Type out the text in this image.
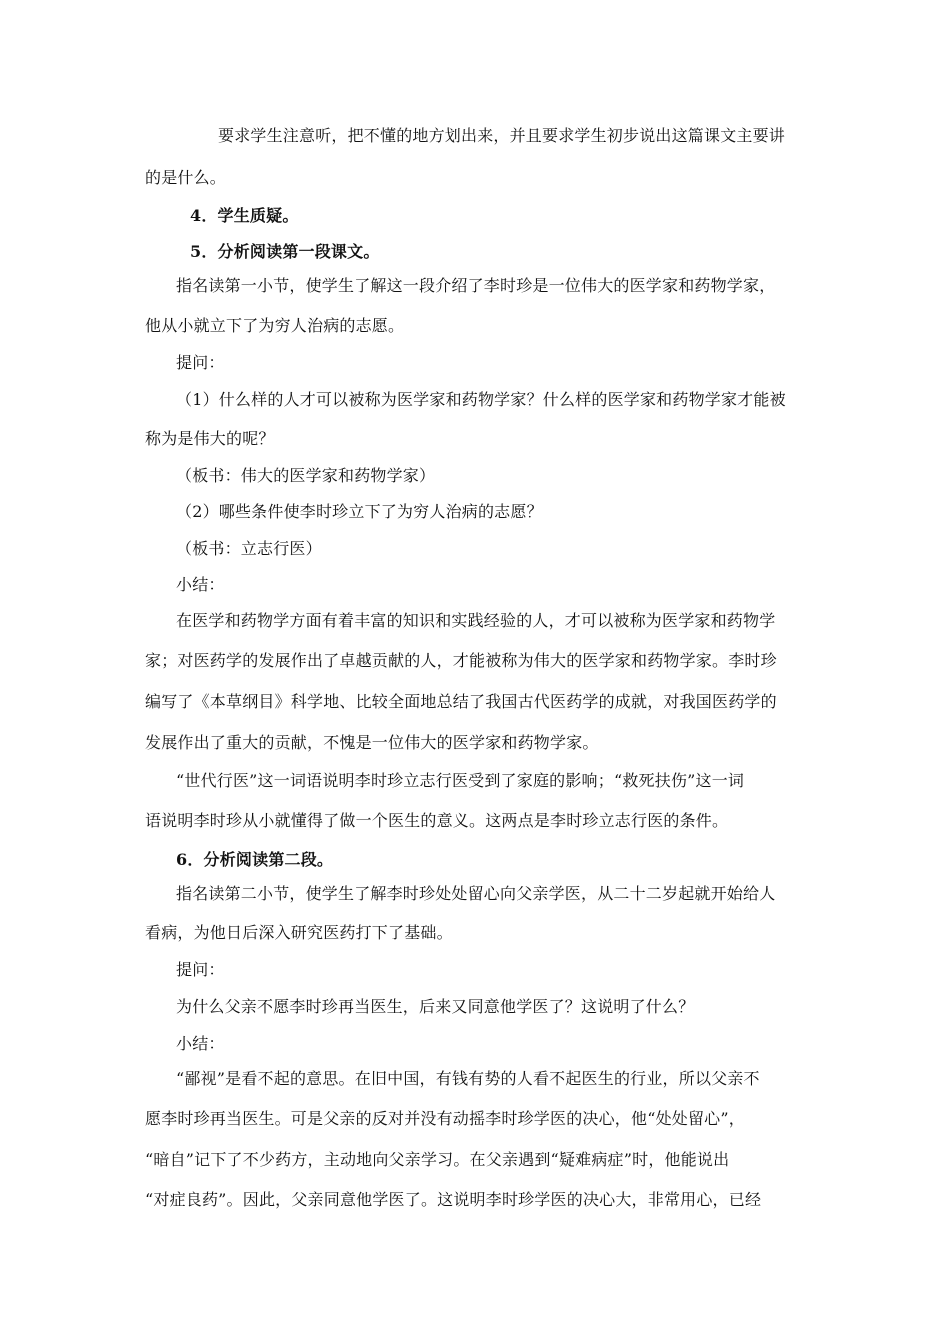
要求学生注意听，把不懂的地方划出来，并且要求学生初步说出这篇课文主要讲
的是什么。
4．学生质疑。
5．分析阅读第一段课文。
指名读第一小节，使学生了解这一段介绍了李时珍是一位伟大的医学家和药物学家，
他从小就立下了为穷人治病的志愿。
提问：
（1）什么样的人才可以被称为医学家和药物学家？什么样的医学家和药物学家才能被
称为是伟大的呢？
（板书：伟大的医学家和药物学家）
（2）哪些条件使李时珍立下了为穷人治病的志愿？
（板书：立志行医）
小结：
在医学和药物学方面有着丰富的知识和实践经验的人，才可以被称为医学家和药物学
家；对医药学的发展作出了卓越贡献的人，才能被称为伟大的医学家和药物学家。李时珍
编写了《本草纲目》科学地、比较全面地总结了我国古代医药学的成就，对我国医药学的
发展作出了重大的贡献，不愧是一位伟大的医学家和药物学家。
“世代行医”这一词语说明李时珍立志行医受到了家庭的影响；“救死扶伤”这一词
语说明李时珍从小就懂得了做一个医生的意义。这两点是李时珍立志行医的条件。
6．分析阅读第二段。
指名读第二小节，使学生了解李时珍处处留心向父亲学医，从二十二岁起就开始给人
看病，为他日后深入研究医药打下了基础。
提问：
为什么父亲不愿李时珍再当医生，后来又同意他学医了？这说明了什么？
小结：
“鄙视”是看不起的意思。在旧中国，有钱有势的人看不起医生的行业，所以父亲不
愿李时珍再当医生。可是父亲的反对并没有动摇李时珍学医的决心，他“处处留心”，
“暗自”记下了不少药方，主动地向父亲学习。在父亲遇到“疑难病症”时，他能说出
“对症良药”。因此，父亲同意他学医了。这说明李时珍学医的决心大，非常用心，已经
